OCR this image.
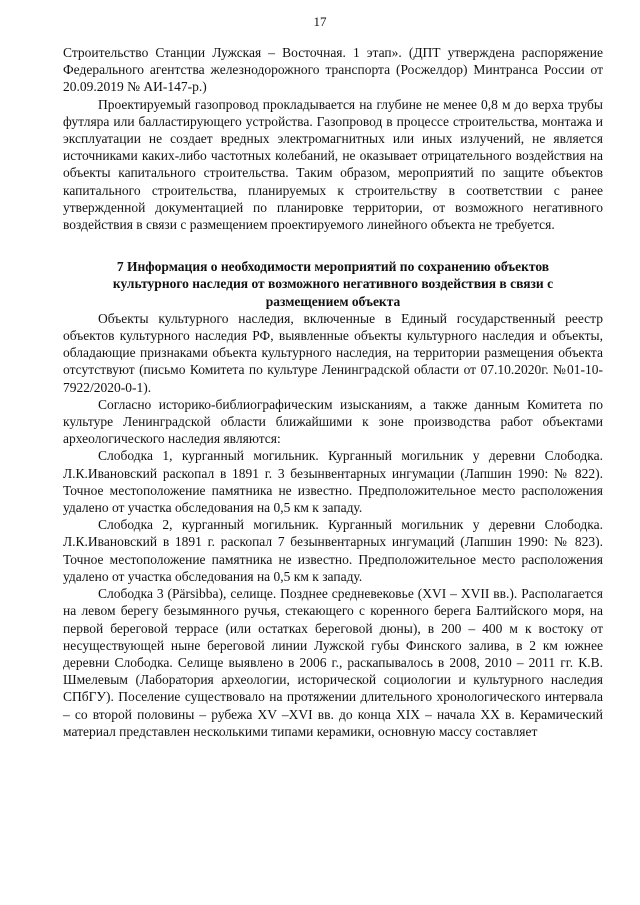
17

Строительство Станции Лужская – Восточная. 1 этап». (ДПТ утверждена распоряжение Федерального агентства железнодорожного транспорта (Росжелдор) Минтранса России от 20.09.2019 № АИ-147-р.)

Проектируемый газопровод прокладывается на глубине не менее 0,8 м до верха трубы футляра или балластирующего устройства. Газопровод в процессе строительства, монтажа и эксплуатации не создает вредных электромагнитных или иных излучений, не является источниками каких-либо частотных колебаний, не оказывает отрицательного воздействия на объекты капитального строительства. Таким образом, мероприятий по защите объектов капитального строительства, планируемых к строительству в соответствии с ранее утвержденной документацией по планировке территории, от возможного негативного воздействия в связи с размещением проектируемого линейного объекта не требуется.

7 Информация о необходимости мероприятий по сохранению объектов
культурного наследия от возможного негативного воздействия в связи с
размещением объекта

Объекты культурного наследия, включенные в Единый государственный реестр объектов культурного наследия РФ, выявленные объекты культурного наследия и объекты, обладающие признаками объекта культурного наследия, на территории размещения объекта отсутствуют (письмо Комитета по культуре Ленинградской области от 07.10.2020г. №01-10-7922/2020-0-1).

Согласно историко-библиографическим изысканиям, а также данным Комитета по культуре Ленинградской области ближайшими к зоне производства работ объектами археологического наследия являются:

Слободка 1, курганный могильник. Курганный могильник у деревни Слободка. Л.К.Ивановский раскопал в 1891 г. 3 безынвентарных ингумации (Лапшин 1990: № 822). Точное местоположение памятника не известно. Предположительное место расположения удалено от участка обследования на 0,5 км к западу.

Слободка 2, курганный могильник. Курганный могильник у деревни Слободка. Л.К.Ивановский в 1891 г. раскопал 7 безынвентарных ингумаций (Лапшин 1990: № 823). Точное местоположение памятника не известно. Предположительное место расположения удалено от участка обследования на 0,5 км к западу.

Слободка 3 (Pärsibba), селище. Позднее средневековье (XVI – XVII вв.). Располагается на левом берегу безымянного ручья, стекающего с коренного берега Балтийского моря, на первой береговой террасе (или остатках береговой дюны), в 200 – 400 м к востоку от несуществующей ныне береговой линии Лужской губы Финского залива, в 2 км южнее деревни Слободка. Селище выявлено в 2006 г., раскапывалось в 2008, 2010 – 2011 гг. К.В. Шмелевым (Лаборатория археологии, исторической социологии и культурного наследия СПбГУ). Поселение существовало на протяжении длительного хронологического интервала – со второй половины – рубежа XV –XVI вв. до конца XIX – начала XX в. Керамический материал представлен несколькими типами керамики, основную массу составляет
